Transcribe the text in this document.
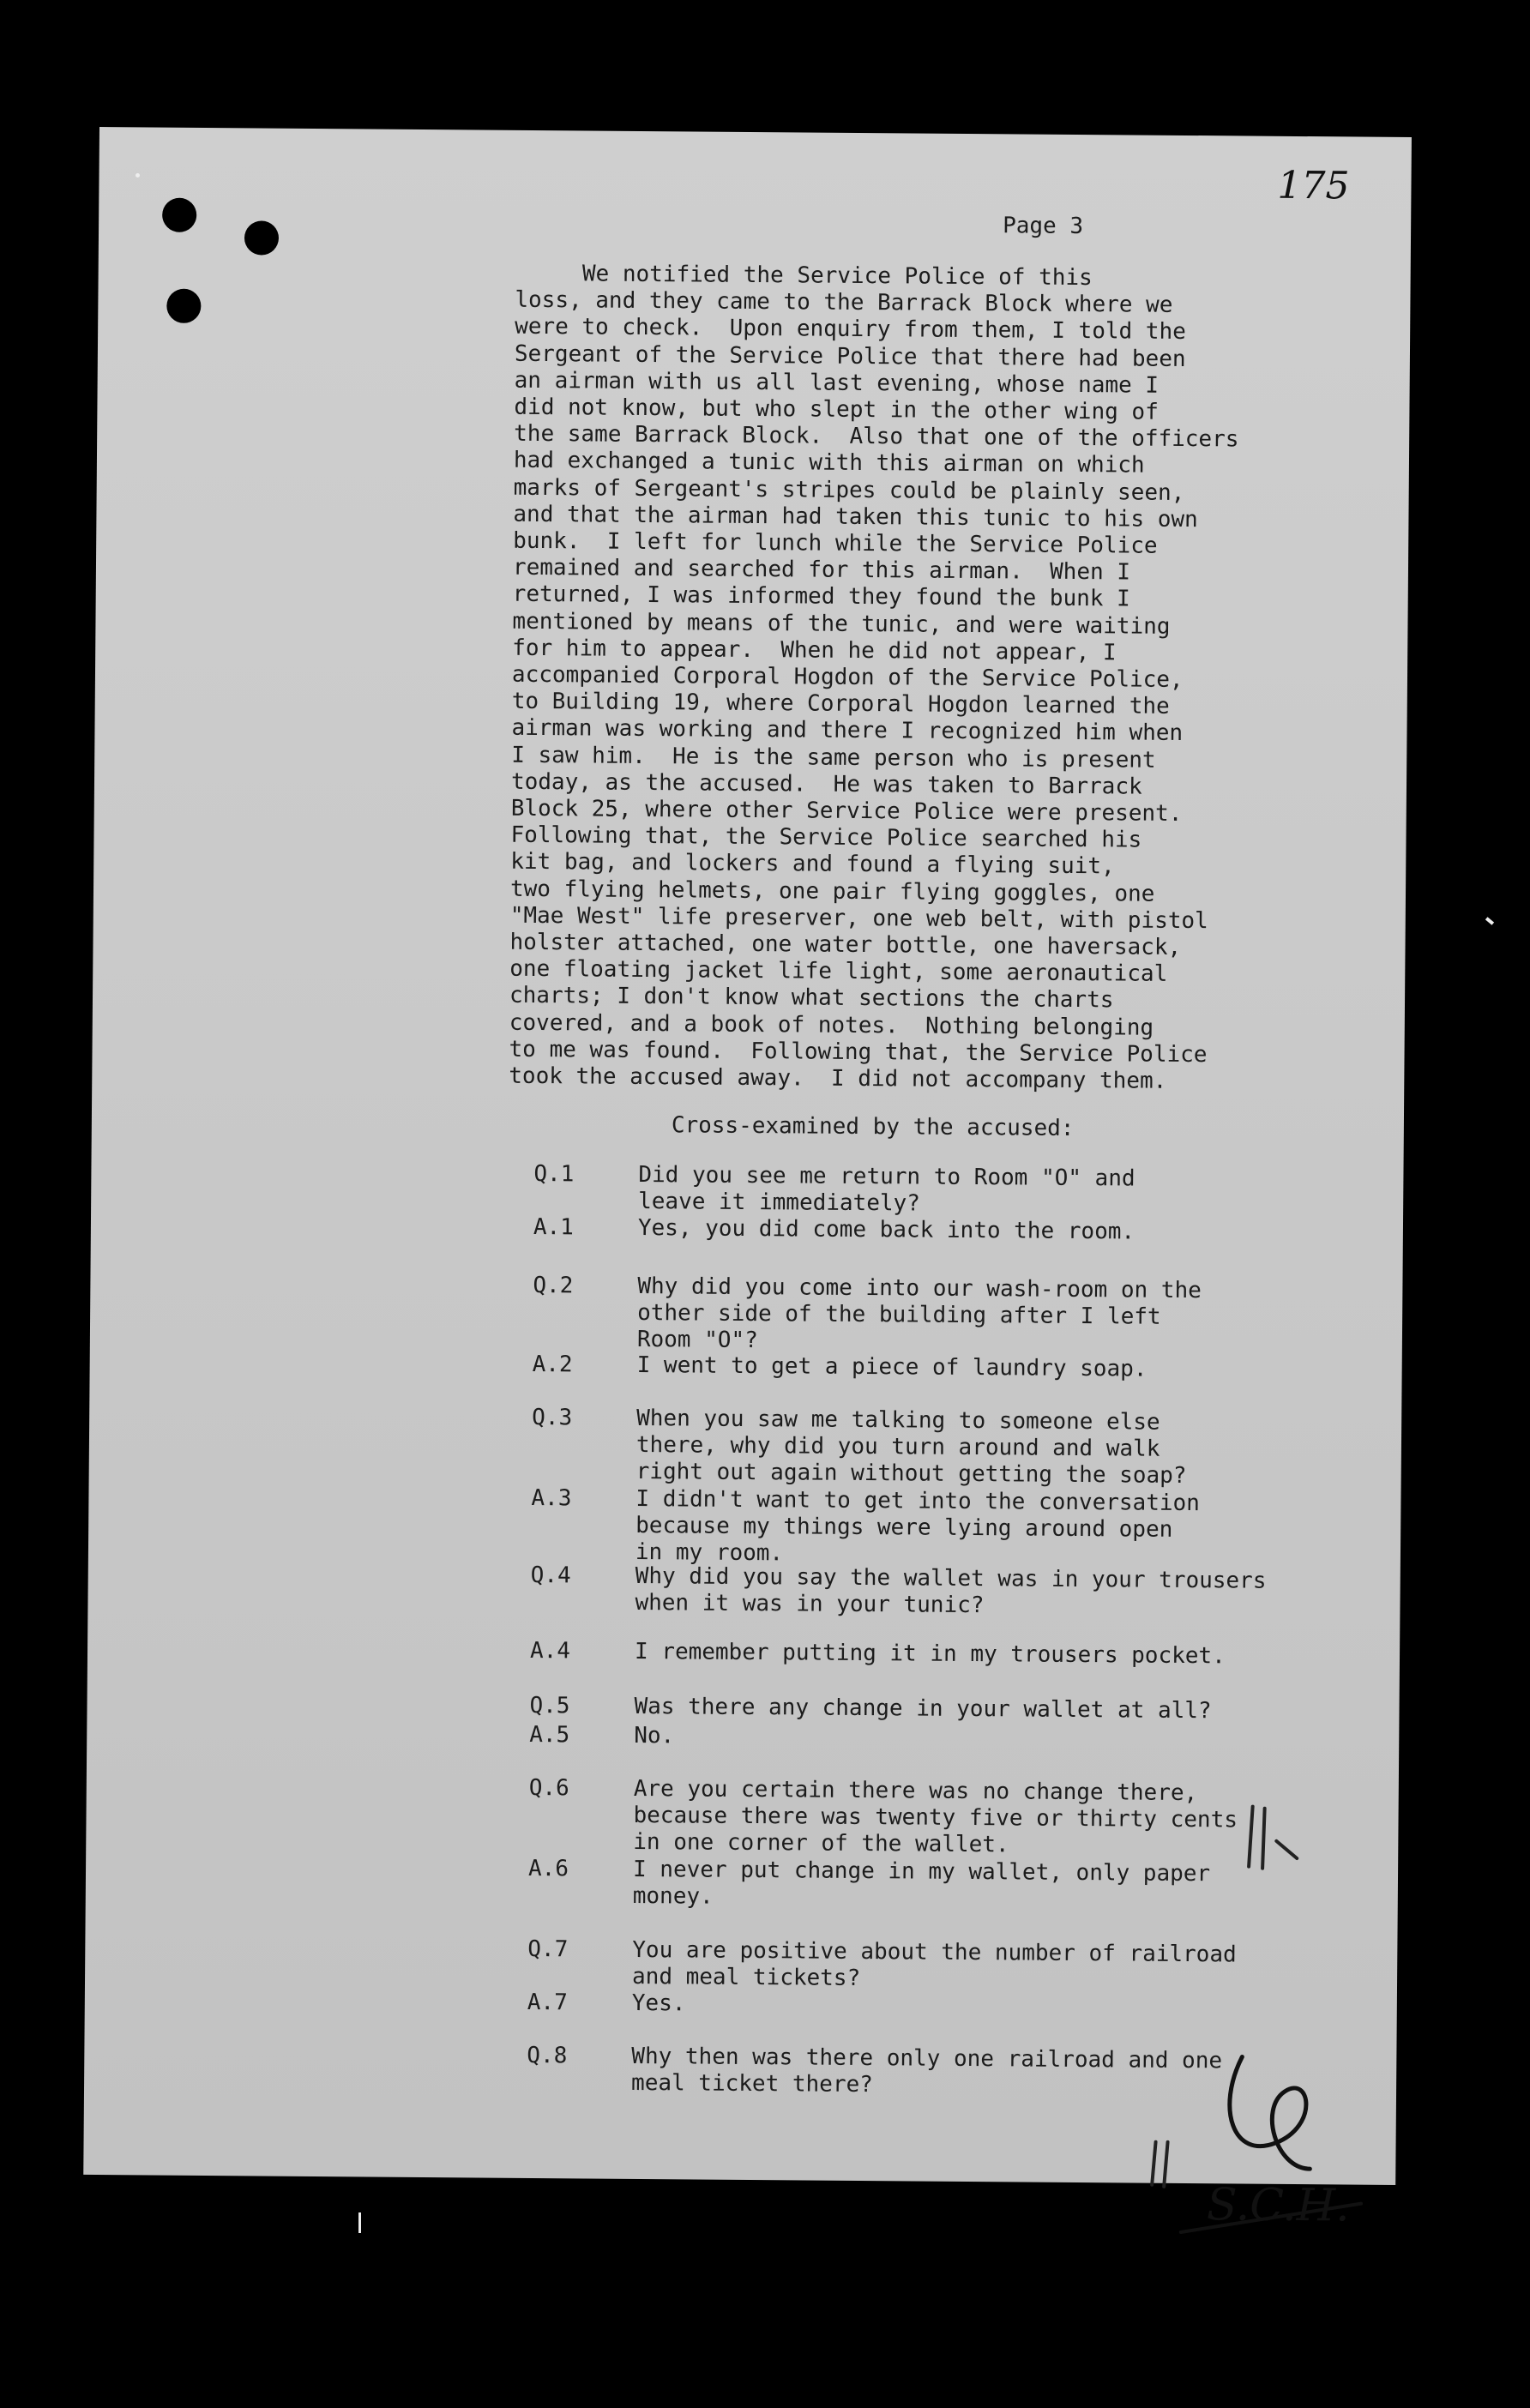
175
Page 3
We notified the Service Police of this
loss, and they came to the Barrack Block where we
were to check.  Upon enquiry from them, I told the
Sergeant of the Service Police that there had been
an airman with us all last evening, whose name I
did not know, but who slept in the other wing of
the same Barrack Block.  Also that one of the officers
had exchanged a tunic with this airman on which
marks of Sergeant's stripes could be plainly seen,
and that the airman had taken this tunic to his own
bunk.  I left for lunch while the Service Police
remained and searched for this airman.  When I
returned, I was informed they found the bunk I
mentioned by means of the tunic, and were waiting
for him to appear.  When he did not appear, I
accompanied Corporal Hogdon of the Service Police,
to Building 19, where Corporal Hogdon learned the
airman was working and there I recognized him when
I saw him.  He is the same person who is present
today, as the accused.  He was taken to Barrack
Block 25, where other Service Police were present.
Following that, the Service Police searched his
kit bag, and lockers and found a flying suit,
two flying helmets, one pair flying goggles, one
"Mae West" life preserver, one web belt, with pistol
holster attached, one water bottle, one haversack,
one floating jacket life light, some aeronautical
charts; I don't know what sections the charts
covered, and a book of notes.  Nothing belonging
to me was found.  Following that, the Service Police
took the accused away.  I did not accompany them.
Cross-examined by the accused:
Q.1	Did you see me return to Room "O" and
leave it immediately?
A.1	Yes, you did come back into the room.
Q.2	Why did you come into our wash-room on the
other side of the building after I left
Room "O"?
A.2	I went to get a piece of laundry soap.
Q.3	When you saw me talking to someone else
there, why did you turn around and walk
right out again without getting the soap?
A.3	I didn't want to get into the conversation
because my things were lying around open
in my room.
Q.4	Why did you say the wallet was in your trousers
when it was in your tunic?
A.4	I remember putting it in my trousers pocket.
Q.5	Was there any change in your wallet at all?
A.5	No.
Q.6	Are you certain there was no change there,
because there was twenty five or thirty cents
in one corner of the wallet.
A.6	I never put change in my wallet, only paper
money.
Q.7	You are positive about the number of railroad
and meal tickets?
A.7	Yes.
Q.8	Why then was there only one railroad and one
meal ticket there?
S.C.H.
